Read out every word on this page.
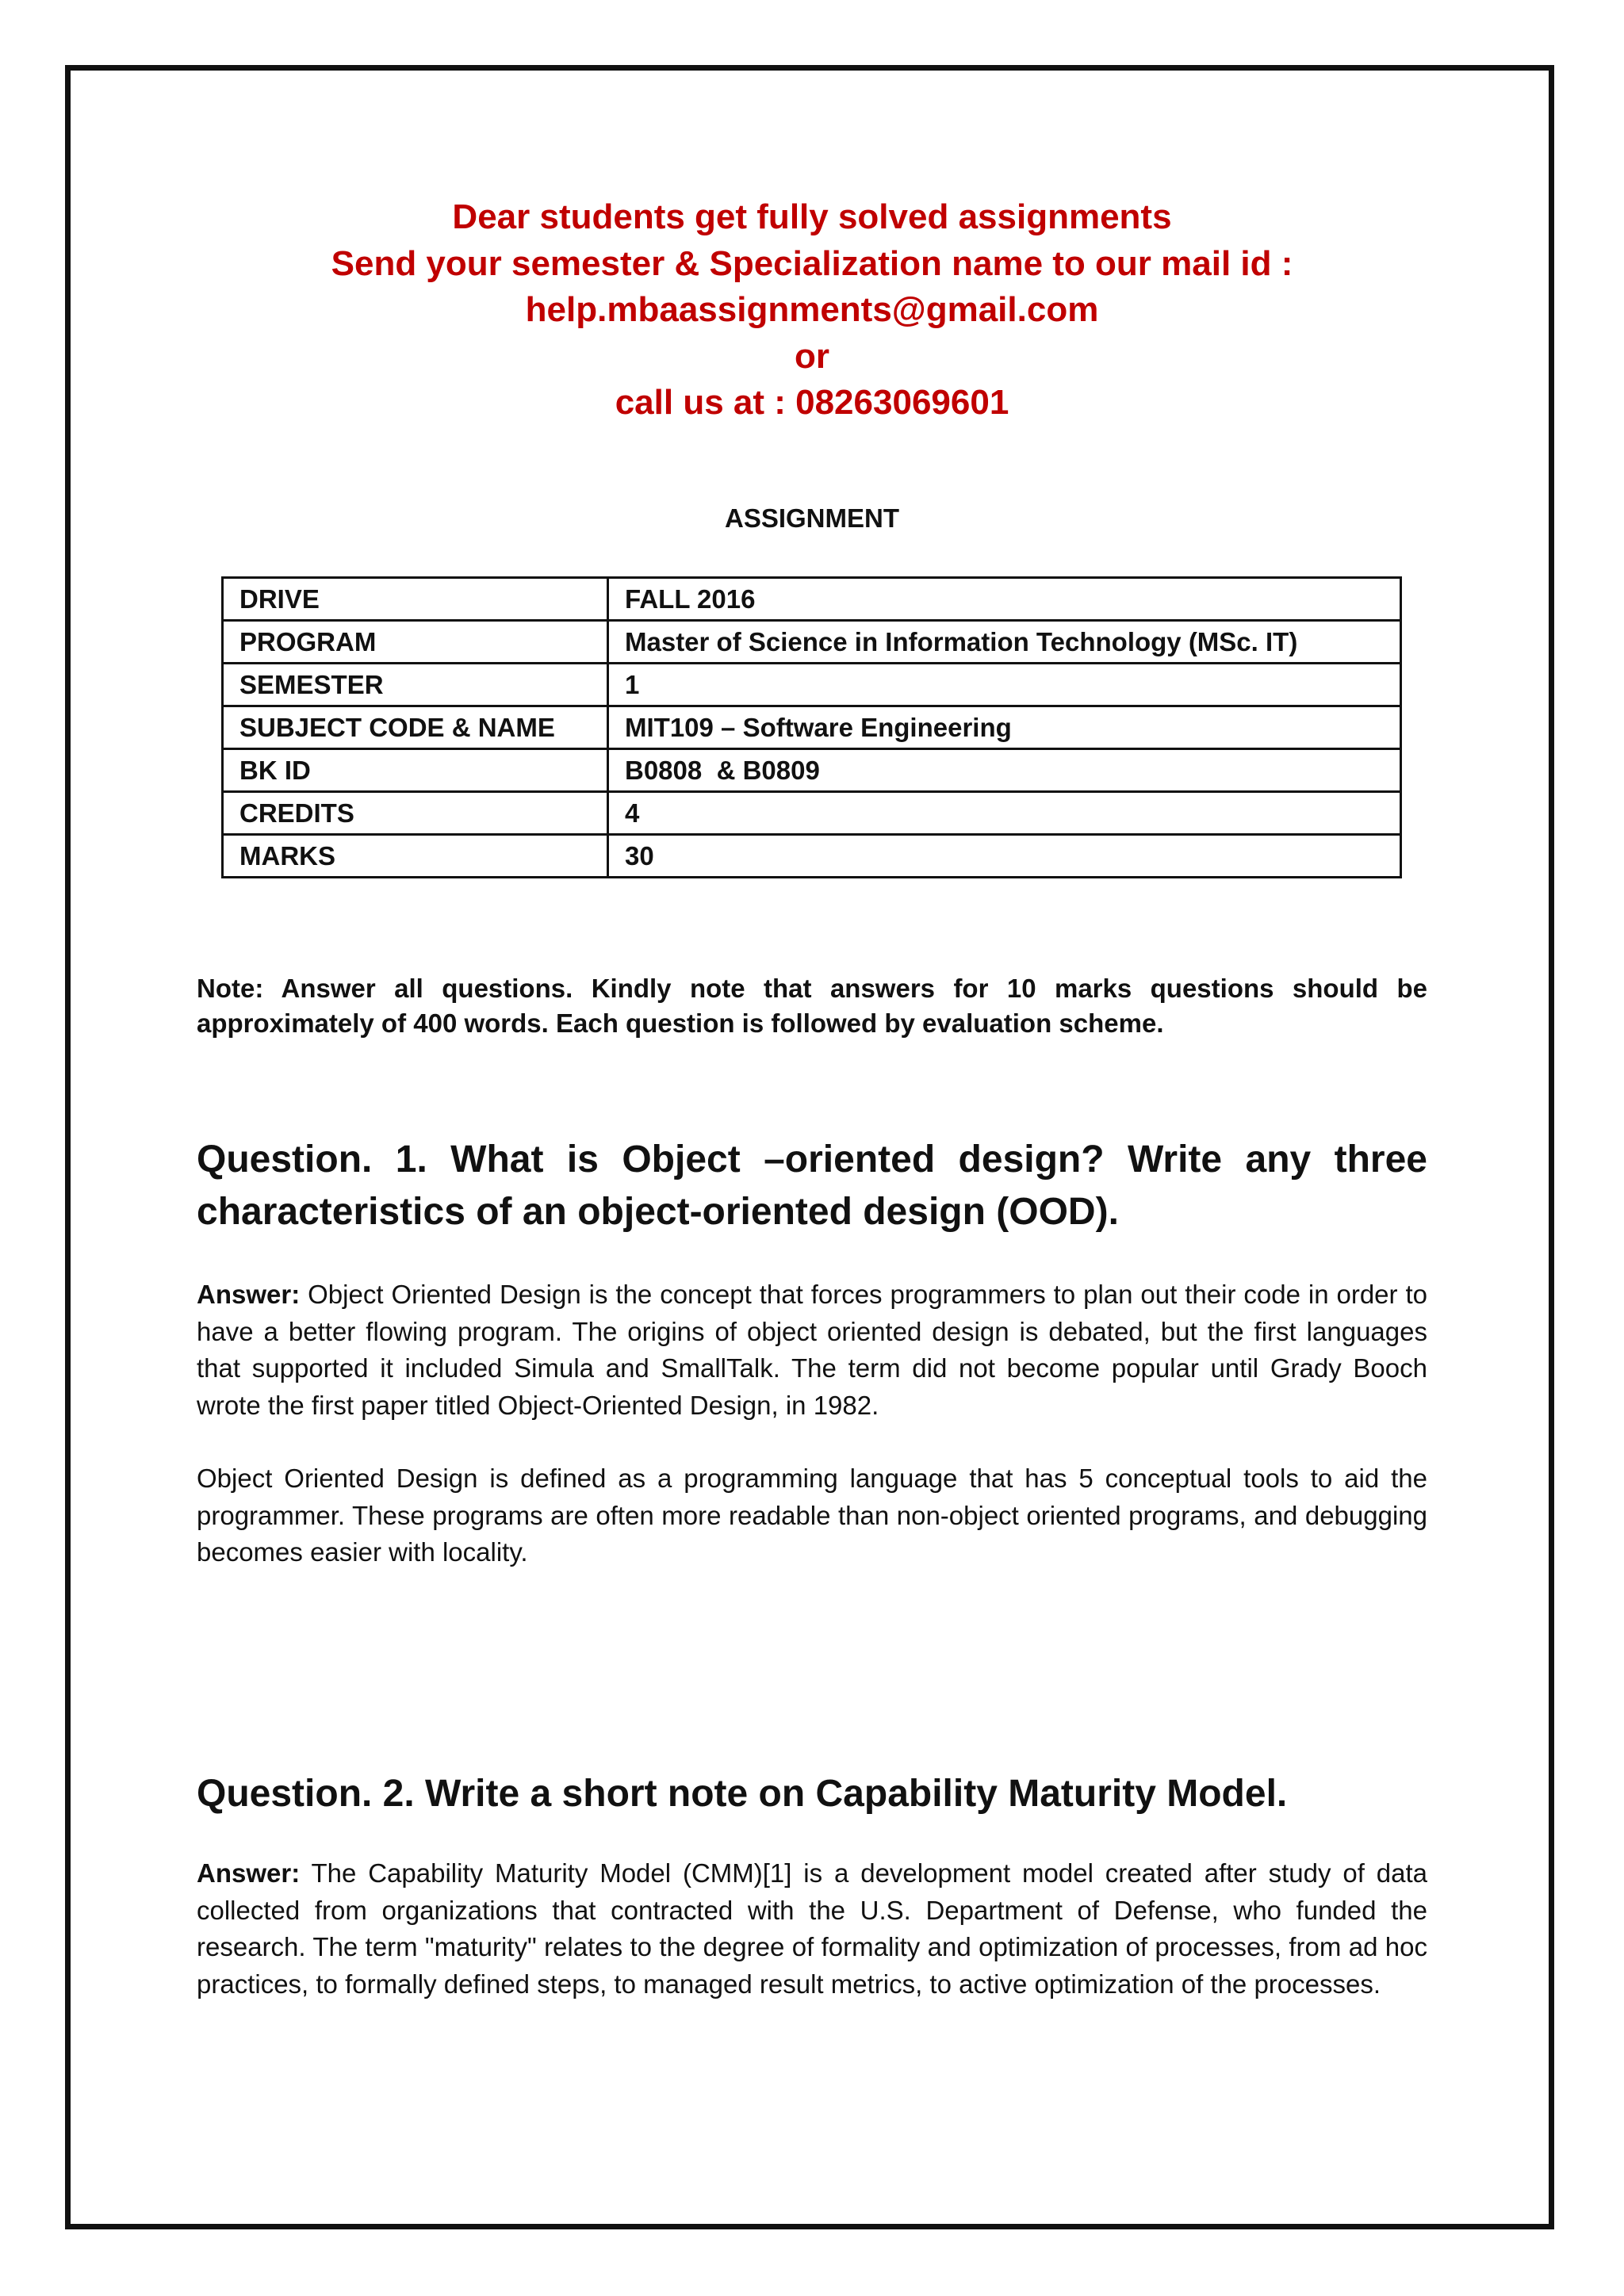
Dear students get fully solved assignments
Send your semester & Specialization name to our mail id :
help.mbaassignments@gmail.com
or
call us at : 08263069601
ASSIGNMENT
DRIVE	FALL 2016
PROGRAM	Master of Science in Information Technology (MSc. IT)
SEMESTER	1
SUBJECT CODE & NAME	MIT109 – Software Engineering
BK ID	B0808  & B0809
CREDITS	4
MARKS	30
Note: Answer all questions. Kindly note that answers for 10 marks questions should be approximately of 400 words. Each question is followed by evaluation scheme.
Question. 1. What is Object –oriented design? Write any three characteristics of an object-oriented design (OOD).
Answer: Object Oriented Design is the concept that forces programmers to plan out their code in order to have a better flowing program. The origins of object oriented design is debated, but the first languages that supported it included Simula and SmallTalk. The term did not become popular until Grady Booch wrote the first paper titled Object-Oriented Design, in 1982.
Object Oriented Design is defined as a programming language that has 5 conceptual tools to aid the programmer. These programs are often more readable than non-object oriented programs, and debugging becomes easier with locality.
Question. 2. Write a short note on Capability Maturity Model.
Answer: The Capability Maturity Model (CMM)[1] is a development model created after study of data collected from organizations that contracted with the U.S. Department of Defense, who funded the research. The term "maturity" relates to the degree of formality and optimization of processes, from ad hoc practices, to formally defined steps, to managed result metrics, to active optimization of the processes.
